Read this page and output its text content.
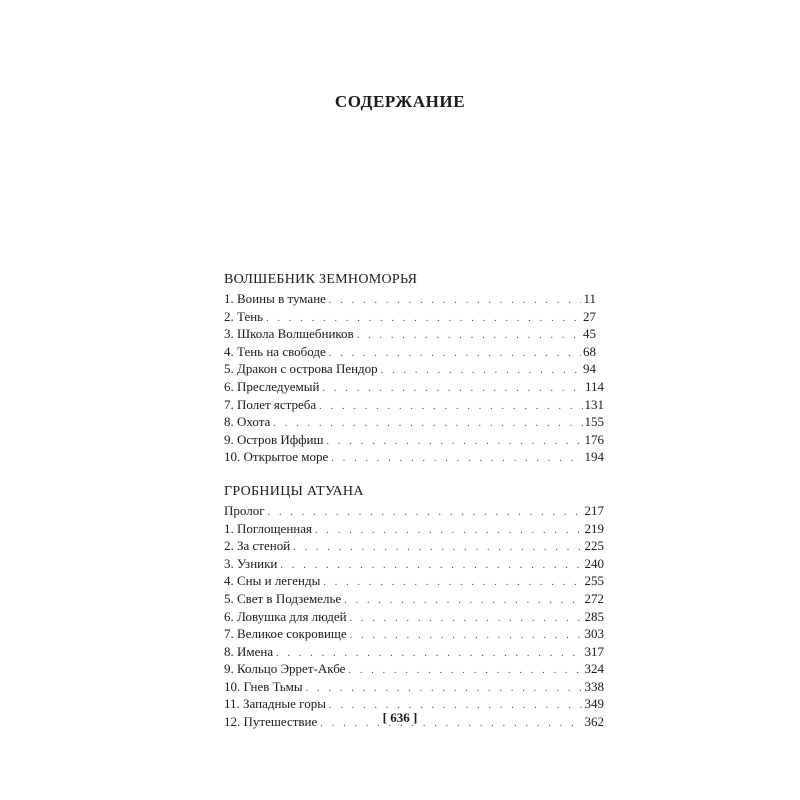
СОДЕРЖАНИЕ
ВОЛШЕБНИК ЗЕМНОМОРЬЯ
1. Воины в тумане . . .	11
2. Тень . . .	27
3. Школа Волшебников . . .	45
4. Тень на свободе . . .	68
5. Дракон с острова Пендор . . .	94
6. Преследуемый . . .	114
7. Полет ястреба . . .	131
8. Охота . . .	155
9. Остров Иффиш . . .	176
10. Открытое море . . .	194
ГРОБНИЦЫ АТУАНА
Пролог . . .	217
1. Поглощенная . . .	219
2. За стеной . . .	225
3. Узники . . .	240
4. Сны и легенды . . .	255
5. Свет в Подземелье . . .	272
6. Ловушка для людей . . .	285
7. Великое сокровище . . .	303
8. Имена . . .	317
9. Кольцо Эррет-Акбе . . .	324
10. Гнев Тьмы . . .	338
11. Западные горы . . .	349
12. Путешествие . . .	362
[ 636 ]
